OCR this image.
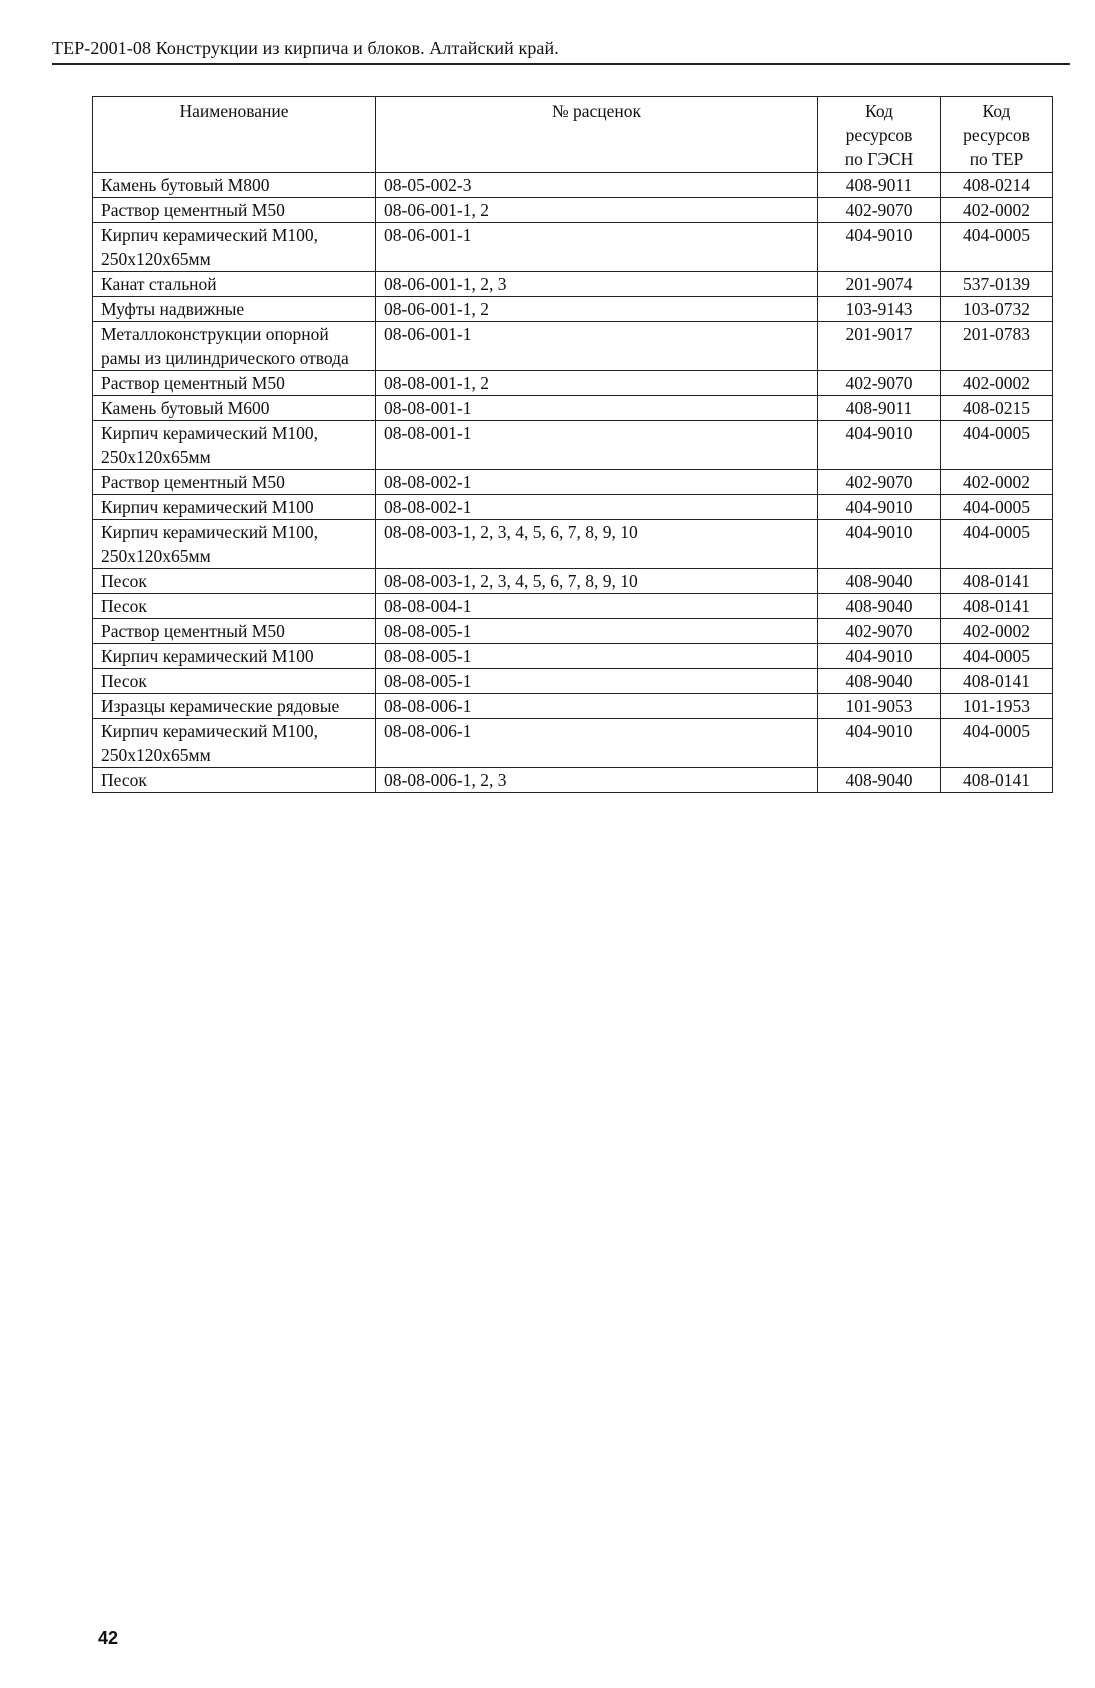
ТЕР-2001-08 Конструкции из кирпича и блоков. Алтайский край.
Наименование	№ расценок	Код ресурсов по ГЭСН	Код ресурсов по ТЕР

Камень бутовый М800	08-05-002-3	408-9011	408-0214
Раствор цементный М50	08-06-001-1, 2	402-9070	402-0002
Кирпич керамический М100, 250х120х65мм	08-06-001-1	404-9010	404-0005
Канат стальной	08-06-001-1, 2, 3	201-9074	537-0139
Муфты надвижные	08-06-001-1, 2	103-9143	103-0732
Металлоконструкции опорной рамы из цилиндрического отвода	08-06-001-1	201-9017	201-0783
Раствор цементный М50	08-08-001-1, 2	402-9070	402-0002
Камень бутовый М600	08-08-001-1	408-9011	408-0215
Кирпич керамический М100, 250х120х65мм	08-08-001-1	404-9010	404-0005
Раствор цементный М50	08-08-002-1	402-9070	402-0002
Кирпич керамический М100	08-08-002-1	404-9010	404-0005
Кирпич керамический М100, 250х120х65мм	08-08-003-1, 2, 3, 4, 5, 6, 7, 8, 9, 10	404-9010	404-0005
Песок	08-08-003-1, 2, 3, 4, 5, 6, 7, 8, 9, 10	408-9040	408-0141
Песок	08-08-004-1	408-9040	408-0141
Раствор цементный М50	08-08-005-1	402-9070	402-0002
Кирпич керамический М100	08-08-005-1	404-9010	404-0005
Песок	08-08-005-1	408-9040	408-0141
Изразцы керамические рядовые	08-08-006-1	101-9053	101-1953
Кирпич керамический М100, 250х120х65мм	08-08-006-1	404-9010	404-0005
Песок	08-08-006-1, 2, 3	408-9040	408-0141
42
